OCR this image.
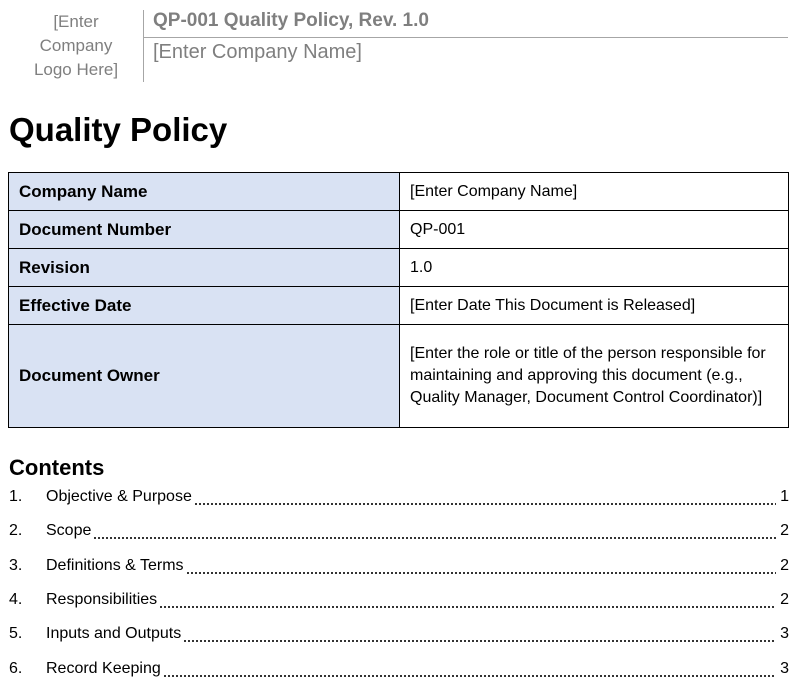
[Enter
Company
Logo Here]
QP-001 Quality Policy, Rev. 1.0
[Enter Company Name]
Quality Policy
Company Name	[Enter Company Name]
Document Number	QP-001
Revision	1.0
Effective Date	[Enter Date This Document is Released]
Document Owner	[Enter the role or title of the person responsible for maintaining and approving this document (e.g., Quality Manager, Document Control Coordinator)]
Contents
1.	Objective & Purpose	1
2.	Scope	2
3.	Definitions & Terms	2
4.	Responsibilities	2
5.	Inputs and Outputs	3
6.	Record Keeping	3
